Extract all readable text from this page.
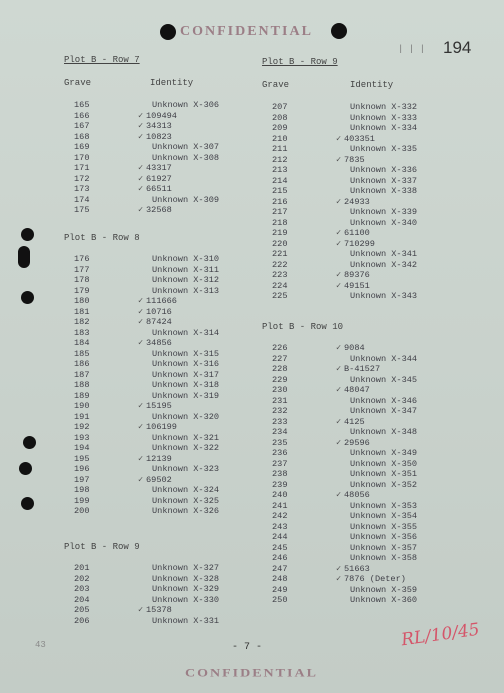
CONFIDENTIAL
| | | 194
Plot B - Row 7
Grave	Identity
165	Unknown X-306
166	✓ 109494
167	✓ 34313
168	✓ 10823
169	Unknown X-307
170	Unknown X-308
171	✓ 43317
172	✓ 61927
173	✓ 66511
174	Unknown X-309
175	✓ 32568
Plot B - Row 8
176	Unknown X-310
177	Unknown X-311
178	Unknown X-312
179	Unknown X-313
180	✓ 111666
181	✓ 10716
182	✓ 87424
183	Unknown X-314
184	✓ 34856
185	Unknown X-315
186	Unknown X-316
187	Unknown X-317
188	Unknown X-318
189	Unknown X-319
190	✓ 15195
191	Unknown X-320
192	✓ 106199
193	Unknown X-321
194	Unknown X-322
195	✓ 12139
196	Unknown X-323
197	✓ 69502
198	Unknown X-324
199	Unknown X-325
200	Unknown X-326
Plot B - Row 9
201	Unknown X-327
202	Unknown X-328
203	Unknown X-329
204	Unknown X-330
205	✓ 15378
206	Unknown X-331
Plot B - Row 9
Grave	Identity
207	Unknown X-332
208	Unknown X-333
209	Unknown X-334
210	✓ 403351
211	Unknown X-335
212	✓ 7835
213	Unknown X-336
214	Unknown X-337
215	Unknown X-338
216	✓ 24933
217	Unknown X-339
218	Unknown X-340
219	✓ 61100
220	✓ 710299
221	Unknown X-341
222	Unknown X-342
223	✓ 89376
224	✓ 49151
225	Unknown X-343
Plot B - Row 10
226	✓ 9084
227	Unknown X-344
228	✓ B-41527
229	Unknown X-345
230	✓ 48047
231	Unknown X-346
232	Unknown X-347
233	✓ 4125
234	Unknown X-348
235	✓ 29596
236	Unknown X-349
237	Unknown X-350
238	Unknown X-351
239	Unknown X-352
240	✓ 48056
241	Unknown X-353
242	Unknown X-354
243	Unknown X-355
244	Unknown X-356
245	Unknown X-357
246	Unknown X-358
247	✓ 51663
248	✓ 7876 (Deter)
249	Unknown X-359
250	Unknown X-360
- 7 -
CONFIDENTIAL
RL/10/45
43
